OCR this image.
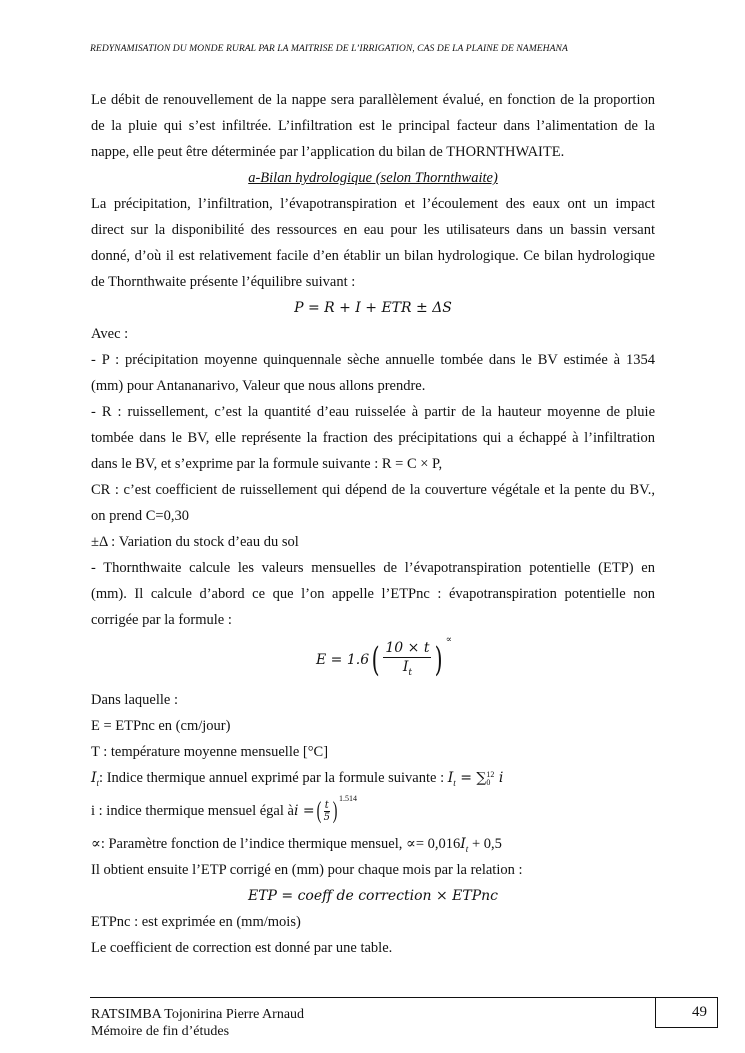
REDYNAMISATION DU MONDE RURAL PAR LA MAITRISE DE L’IRRIGATION, CAS DE LA PLAINE DE NAMEHANA
Le débit de renouvellement de la nappe sera parallèlement évalué, en fonction de la proportion
de la pluie qui s’est infiltrée. L’infiltration est le principal facteur dans l’alimentation de la
nappe, elle peut être déterminée par l’application du bilan de THORNTHWAITE.
a-Bilan hydrologique (selon Thornthwaite)
La précipitation, l’infiltration, l’évapotranspiration et l’écoulement des eaux ont un impact
direct sur la disponibilité des ressources en eau pour les utilisateurs dans un bassin versant
donné, d’où il est relativement facile d’en établir un bilan hydrologique. Ce bilan hydrologique
de Thornthwaite présente l’équilibre suivant :
P = R + I + ETR ± ΔS
Avec :
- P : précipitation moyenne quinquennale sèche annuelle tombée dans le BV estimée à 1354
(mm) pour Antananarivo, Valeur que nous allons prendre.
- R : ruissellement, c’est la quantité d’eau ruisselée à partir de la hauteur moyenne de pluie
tombée dans le BV, elle représente la fraction des précipitations qui a échappé à l’infiltration
dans le BV, et s’exprime par la formule suivante : R = C × P,
CR : c’est coefficient de ruissellement qui dépend de la couverture végétale et la pente du BV.,
on prend C=0,30
±Δ : Variation du stock d’eau du sol
- Thornthwaite calcule les valeurs mensuelles de l’évapotranspiration potentielle (ETP) en
(mm). Il calcule d’abord ce que l’on appelle l’ETPnc : évapotranspiration potentielle non
corrigée par la formule :
E = 1.6 ( $\frac{10 \times t}{I_t}$ ) ∝
Dans laquelle :
E = ETPnc en (cm/jour)
T : température moyenne mensuelle [°C]
$I_t$: Indice thermique annuel exprimé par la formule suivante : $I_t$ = ∑ 12
0 i
i : indice thermique mensuel égal à i = ( $\frac{t}{5}$ ) 1.514
∝: Paramètre fonction de l’indice thermique mensuel, ∝= $0,016I_t + 0,5$
Il obtient ensuite l’ETP corrigé en (mm) pour chaque mois par la relation :
ETP = coeff de correction × ETPnc
ETPnc : est exprimée en (mm/mois)
Le coefficient de correction est donné par une table.
RATSIMBA Tojonirina Pierre Arnaud
Mémoire de fin d’études
49
